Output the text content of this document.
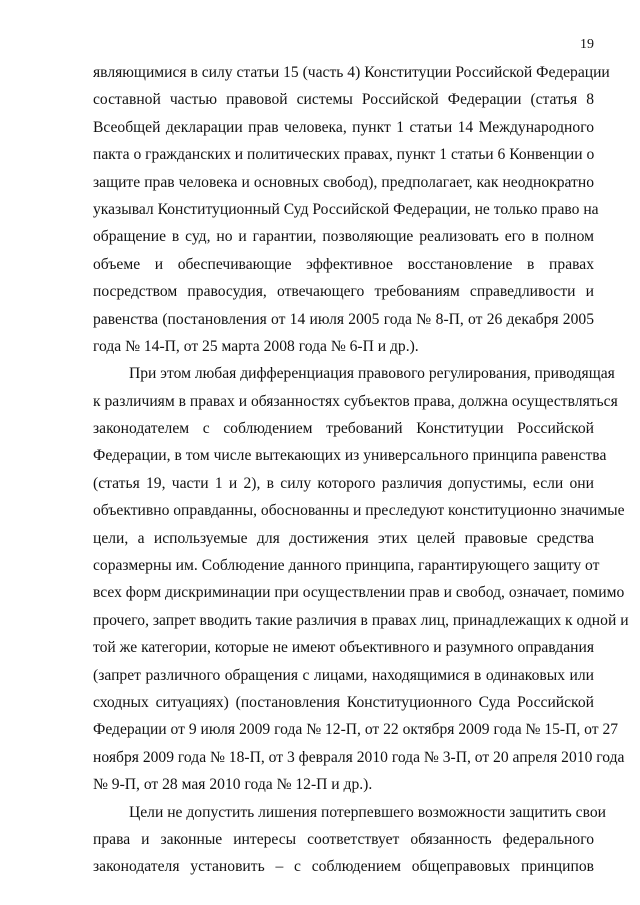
19
являющимися в силу статьи 15 (часть 4) Конституции Российской Федерации
составной частью правовой системы Российской Федерации (статья 8
Всеобщей декларации прав человека, пункт 1 статьи 14 Международного
пакта о гражданских и политических правах, пункт 1 статьи 6 Конвенции о
защите прав человека и основных свобод), предполагает, как неоднократно
указывал Конституционный Суд Российской Федерации, не только право на
обращение в суд, но и гарантии, позволяющие реализовать его в полном
объеме и обеспечивающие эффективное восстановление в правах
посредством правосудия, отвечающего требованиям справедливости и
равенства (постановления от 14 июля 2005 года № 8-П, от 26 декабря 2005
года № 14-П, от 25 марта 2008 года № 6-П и др.).
При этом любая дифференциация правового регулирования, приводящая
к различиям в правах и обязанностях субъектов права, должна осуществляться
законодателем с соблюдением требований Конституции Российской
Федерации, в том числе вытекающих из универсального принципа равенства
(статья 19, части 1 и 2), в силу которого различия допустимы, если они
объективно оправданны, обоснованны и преследуют конституционно значимые
цели, а используемые для достижения этих целей правовые средства
соразмерны им. Соблюдение данного принципа, гарантирующего защиту от
всех форм дискриминации при осуществлении прав и свобод, означает, помимо
прочего, запрет вводить такие различия в правах лиц, принадлежащих к одной и
той же категории, которые не имеют объективного и разумного оправдания
(запрет различного обращения с лицами, находящимися в одинаковых или
сходных ситуациях) (постановления Конституционного Суда Российской
Федерации от 9 июля 2009 года № 12-П, от 22 октября 2009 года № 15-П, от 27
ноября 2009 года № 18-П, от 3 февраля 2010 года № 3-П, от 20 апреля 2010 года
№ 9-П, от 28 мая 2010 года № 12-П и др.).
Цели не допустить лишения потерпевшего возможности защитить свои
права и законные интересы соответствует обязанность федерального
законодателя установить – с соблюдением общеправовых принципов
